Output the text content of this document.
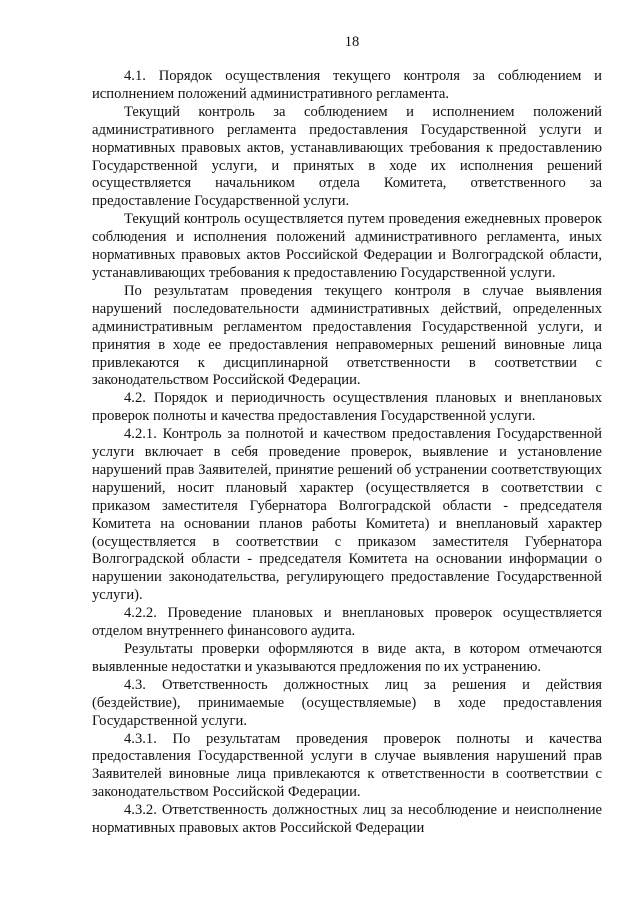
18

4.1. Порядок осуществления текущего контроля за соблюдением и исполнением положений административного регламента.

Текущий контроль за соблюдением и исполнением положений административного регламента предоставления Государственной услуги и нормативных правовых актов, устанавливающих требования к предоставлению Государственной услуги, и принятых в ходе их исполнения решений осуществляется начальником отдела Комитета, ответственного за предоставление Государственной услуги.

Текущий контроль осуществляется путем проведения ежедневных проверок соблюдения и исполнения положений административного регламента, иных нормативных правовых актов Российской Федерации и Волгоградской области, устанавливающих требования к предоставлению Государственной услуги.

По результатам проведения текущего контроля в случае выявления нарушений последовательности административных действий, определенных административным регламентом предоставления Государственной услуги, и принятия в ходе ее предоставления неправомерных решений виновные лица привлекаются к дисциплинарной ответственности в соответствии с законодательством Российской Федерации.

4.2. Порядок и периодичность осуществления плановых и внеплановых проверок полноты и качества предоставления Государственной услуги.

4.2.1. Контроль за полнотой и качеством предоставления Государственной услуги включает в себя проведение проверок, выявление и установление нарушений прав Заявителей, принятие решений об устранении соответствующих нарушений, носит плановый характер (осуществляется в соответствии с приказом заместителя Губернатора Волгоградской области - председателя Комитета на основании планов работы Комитета) и внеплановый характер (осуществляется в соответствии с приказом заместителя Губернатора Волгоградской области - председателя Комитета на основании информации о нарушении законодательства, регулирующего предоставление Государственной услуги).

4.2.2. Проведение плановых и внеплановых проверок осуществляется отделом внутреннего финансового аудита.

Результаты проверки оформляются в виде акта, в котором отмечаются выявленные недостатки и указываются предложения по их устранению.

4.3. Ответственность должностных лиц за решения и действия (бездействие), принимаемые (осуществляемые) в ходе предоставления Государственной услуги.

4.3.1. По результатам проведения проверок полноты и качества предоставления Государственной услуги в случае выявления нарушений прав Заявителей виновные лица привлекаются к ответственности в соответствии с законодательством Российской Федерации.

4.3.2. Ответственность должностных лиц за несоблюдение и неисполнение нормативных правовых актов Российской Федерации
